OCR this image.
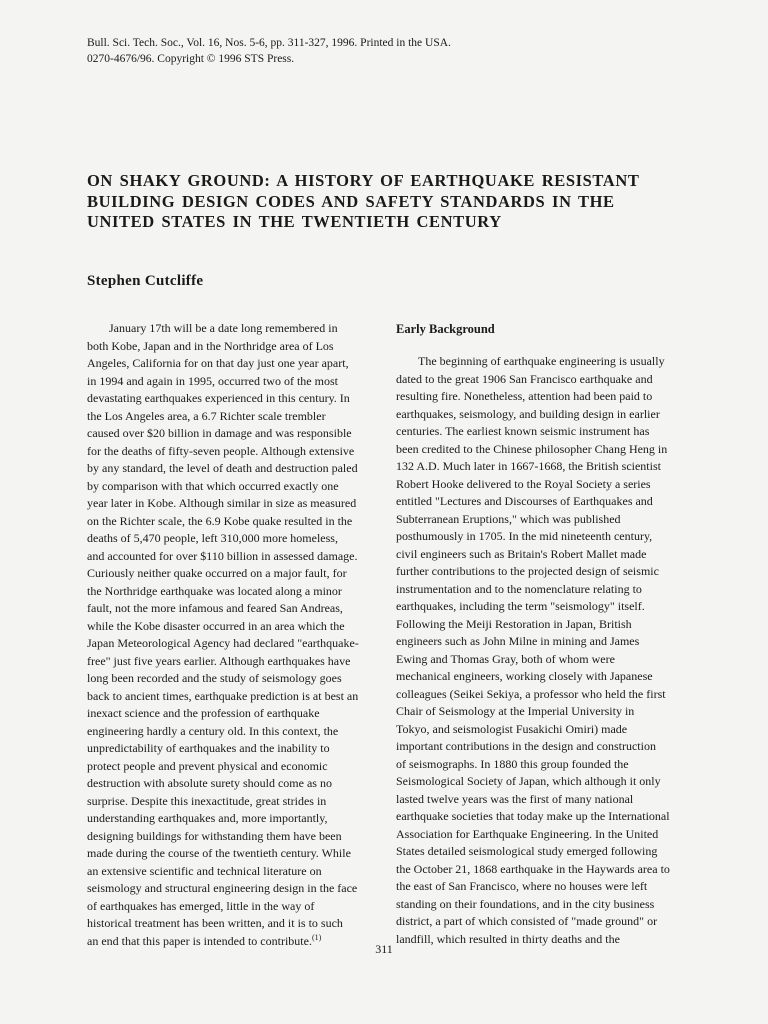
Bull. Sci. Tech. Soc., Vol. 16, Nos. 5-6, pp. 311-327, 1996. Printed in the USA.
0270-4676/96. Copyright © 1996 STS Press.
ON SHAKY GROUND: A HISTORY OF EARTHQUAKE RESISTANT
BUILDING DESIGN CODES AND SAFETY STANDARDS IN THE
UNITED STATES IN THE TWENTIETH CENTURY
Stephen Cutcliffe
January 17th will be a date long remembered in
both Kobe, Japan and in the Northridge area of Los
Angeles, California for on that day just one year apart,
in 1994 and again in 1995, occurred two of the most
devastating earthquakes experienced in this century. In
the Los Angeles area, a 6.7 Richter scale trembler
caused over $20 billion in damage and was responsible
for the deaths of fifty-seven people. Although extensive
by any standard, the level of death and destruction paled
by comparison with that which occurred exactly one
year later in Kobe. Although similar in size as measured
on the Richter scale, the 6.9 Kobe quake resulted in the
deaths of 5,470 people, left 310,000 more homeless,
and accounted for over $110 billion in assessed damage.
Curiously neither quake occurred on a major fault, for
the Northridge earthquake was located along a minor
fault, not the more infamous and feared San Andreas,
while the Kobe disaster occurred in an area which the
Japan Meteorological Agency had declared "earthquake-
free" just five years earlier. Although earthquakes have
long been recorded and the study of seismology goes
back to ancient times, earthquake prediction is at best an
inexact science and the profession of earthquake
engineering hardly a century old. In this context, the
unpredictability of earthquakes and the inability to
protect people and prevent physical and economic
destruction with absolute surety should come as no
surprise. Despite this inexactitude, great strides in
understanding earthquakes and, more importantly,
designing buildings for withstanding them have been
made during the course of the twentieth century. While
an extensive scientific and technical literature on
seismology and structural engineering design in the face
of earthquakes has emerged, little in the way of
historical treatment has been written, and it is to such
an end that this paper is intended to contribute.$^{(1)}$
Early Background
The beginning of earthquake engineering is usually
dated to the great 1906 San Francisco earthquake and
resulting fire. Nonetheless, attention had been paid to
earthquakes, seismology, and building design in earlier
centuries. The earliest known seismic instrument has
been credited to the Chinese philosopher Chang Heng in
132 A.D. Much later in 1667-1668, the British scientist
Robert Hooke delivered to the Royal Society a series
entitled "Lectures and Discourses of Earthquakes and
Subterranean Eruptions," which was published
posthumously in 1705. In the mid nineteenth century,
civil engineers such as Britain's Robert Mallet made
further contributions to the projected design of seismic
instrumentation and to the nomenclature relating to
earthquakes, including the term "seismology" itself.
Following the Meiji Restoration in Japan, British
engineers such as John Milne in mining and James
Ewing and Thomas Gray, both of whom were
mechanical engineers, working closely with Japanese
colleagues (Seikei Sekiya, a professor who held the first
Chair of Seismology at the Imperial University in
Tokyo, and seismologist Fusakichi Omiri) made
important contributions in the design and construction
of seismographs. In 1880 this group founded the
Seismological Society of Japan, which although it only
lasted twelve years was the first of many national
earthquake societies that today make up the International
Association for Earthquake Engineering. In the United
States detailed seismological study emerged following
the October 21, 1868 earthquake in the Haywards area to
the east of San Francisco, where no houses were left
standing on their foundations, and in the city business
district, a part of which consisted of "made ground" or
landfill, which resulted in thirty deaths and the
311
